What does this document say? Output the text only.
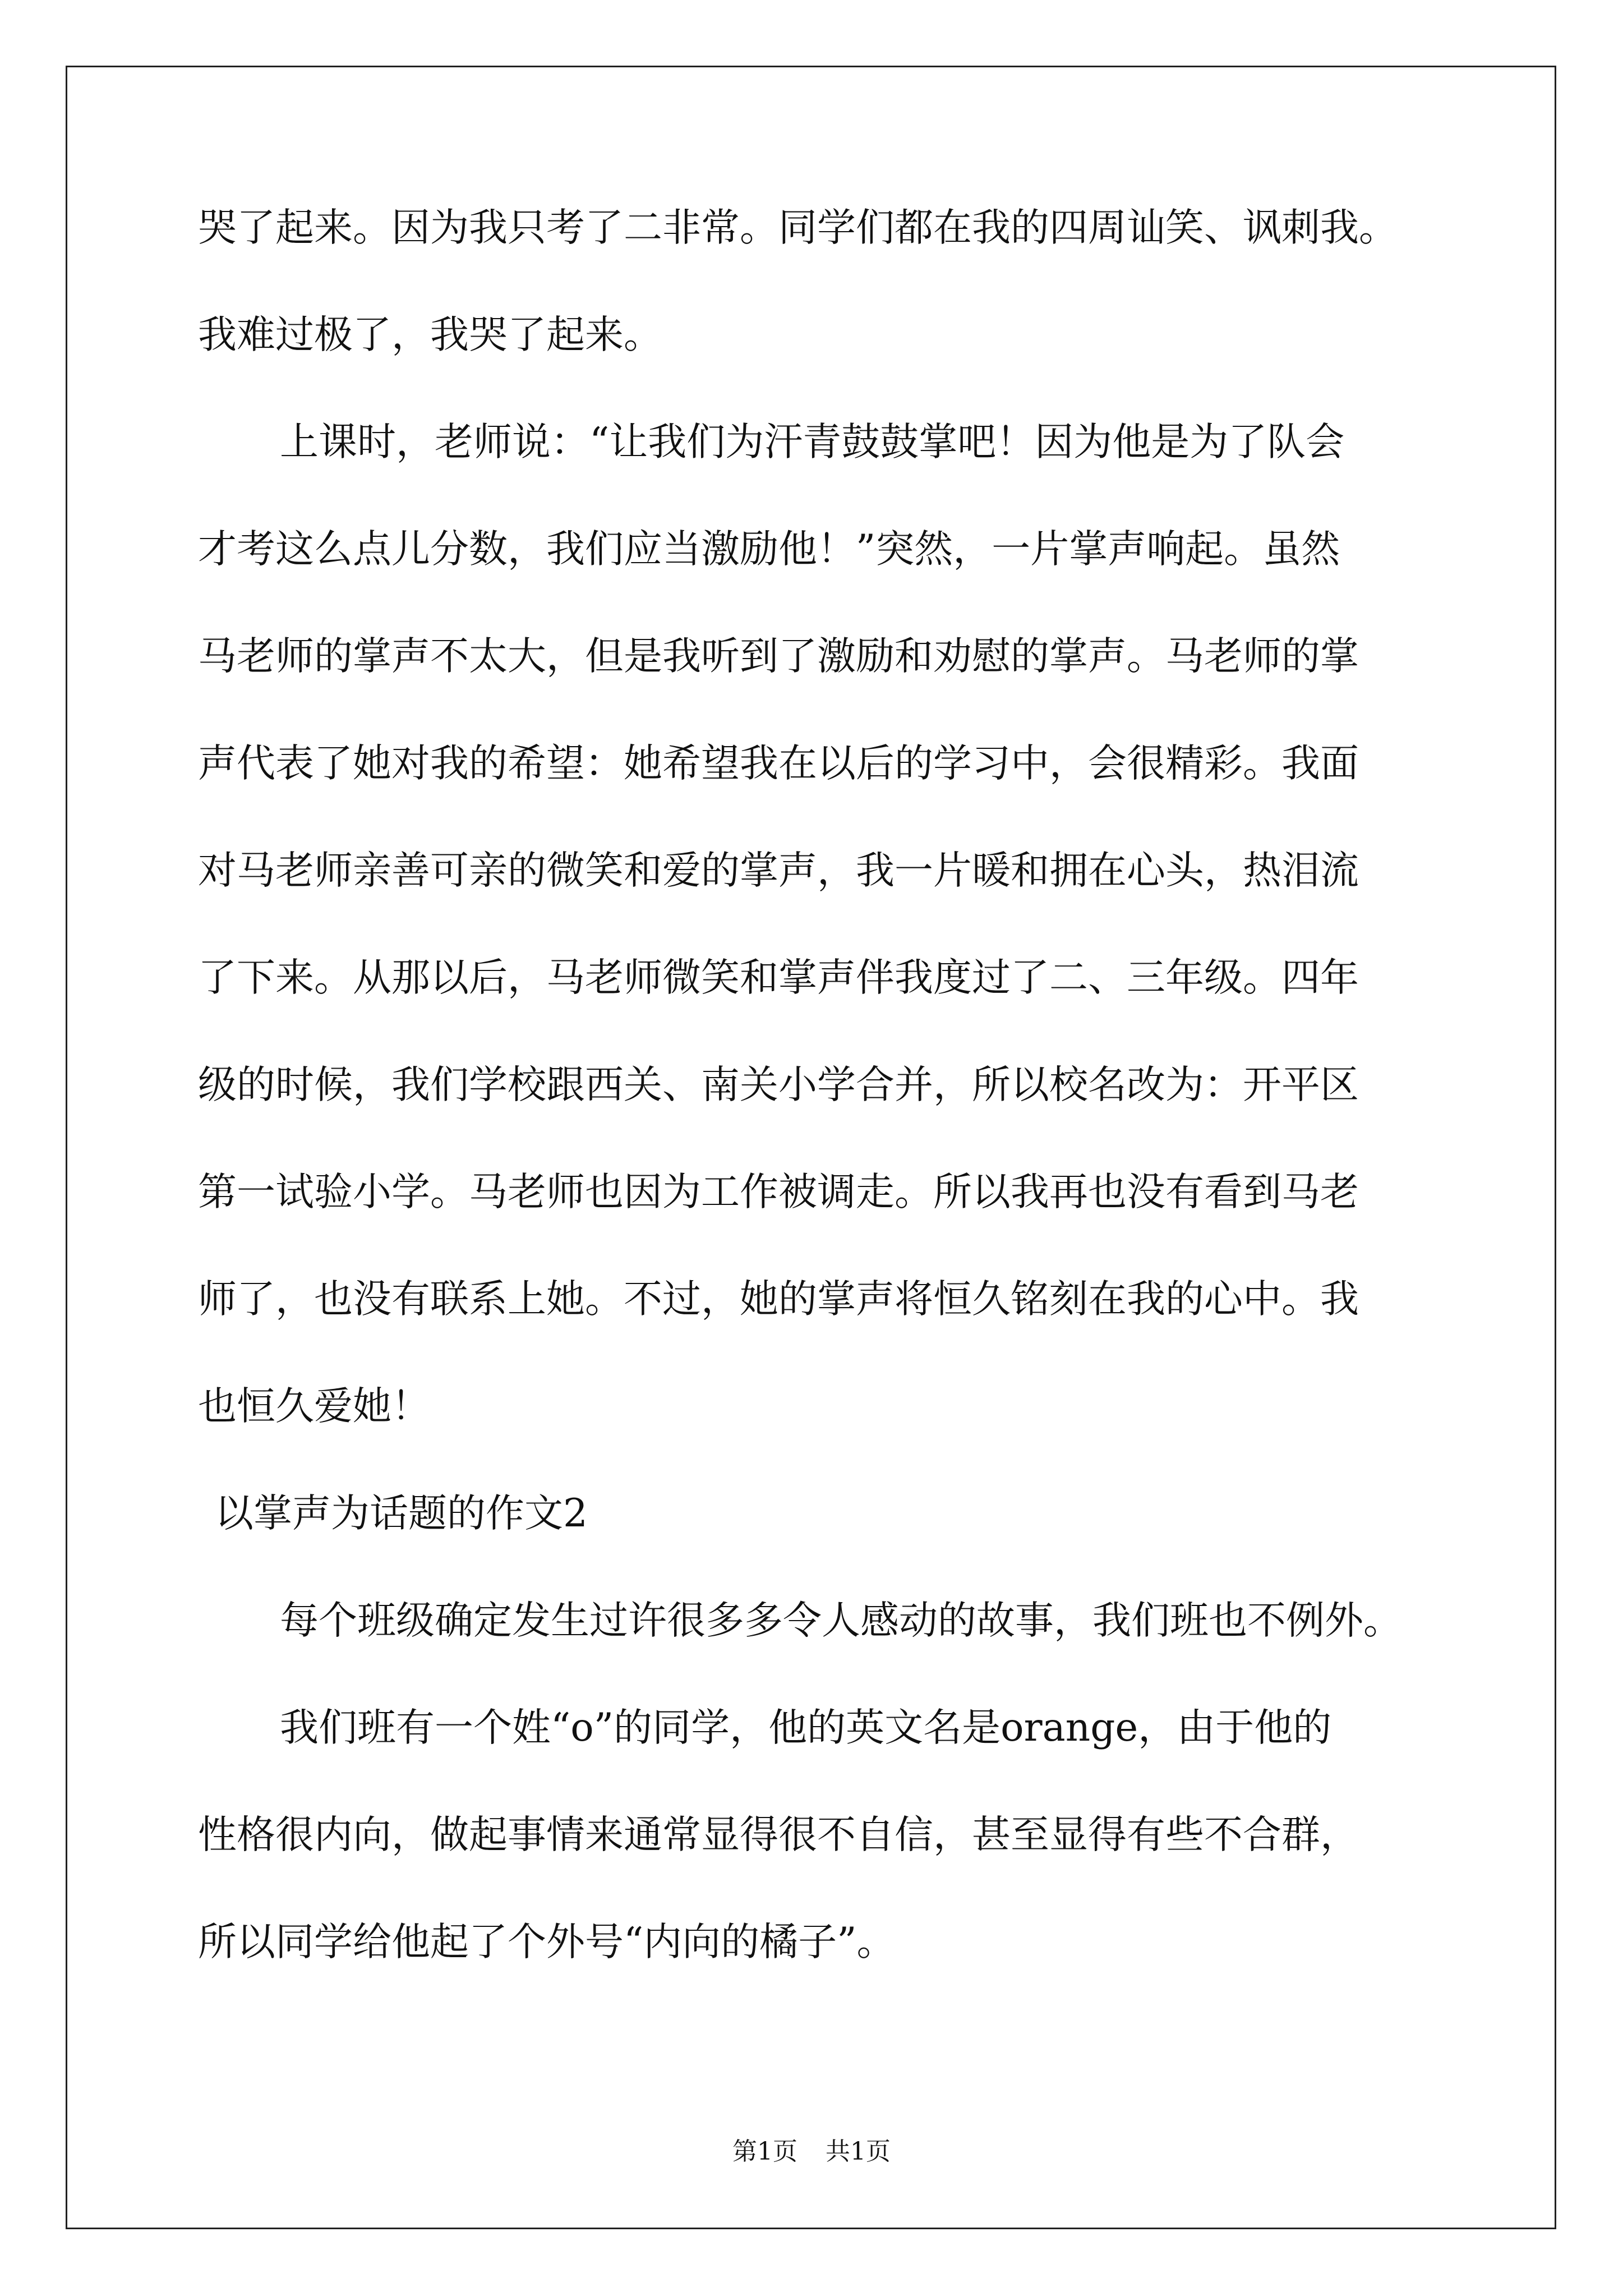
哭了起来。因为我只考了二非常。同学们都在我的四周讪笑、讽刺我。
我难过极了，我哭了起来。
上课时，老师说：“让我们为汗青鼓鼓掌吧！因为他是为了队会
才考这么点儿分数，我们应当激励他！”突然，一片掌声响起。虽然
马老师的掌声不太大，但是我听到了激励和劝慰的掌声。马老师的掌
声代表了她对我的希望：她希望我在以后的学习中，会很精彩。我面
对马老师亲善可亲的微笑和爱的掌声，我一片暖和拥在心头，热泪流
了下来。从那以后，马老师微笑和掌声伴我度过了二、三年级。四年
级的时候，我们学校跟西关、南关小学合并，所以校名改为：开平区
第一试验小学。马老师也因为工作被调走。所以我再也没有看到马老
师了，也没有联系上她。不过，她的掌声将恒久铭刻在我的心中。我
也恒久爱她！
以掌声为话题的作文2
每个班级确定发生过许很多多令人感动的故事，我们班也不例外。
我们班有一个姓“o”的同学，他的英文名是orange，由于他的
性格很内向，做起事情来通常显得很不自信，甚至显得有些不合群，
所以同学给他起了个外号“内向的橘子”。
第1页 共1页
